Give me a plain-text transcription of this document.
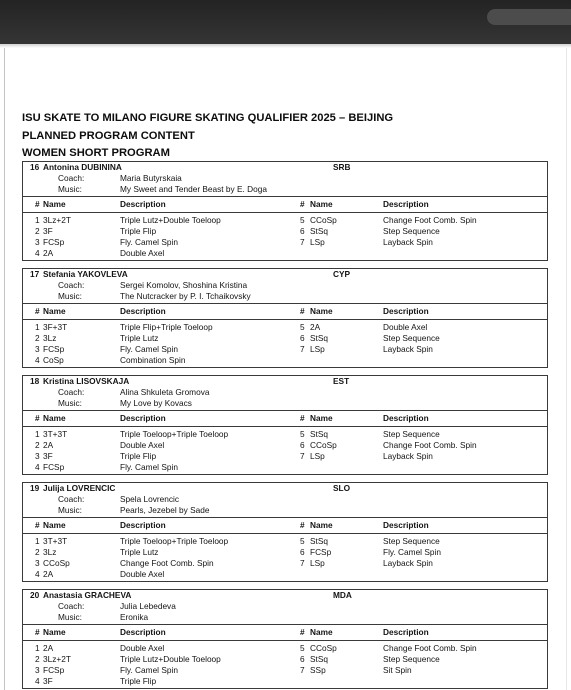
ISU SKATE TO MILANO FIGURE SKATING QUALIFIER 2025 – BEIJING
PLANNED PROGRAM CONTENT
WOMEN SHORT PROGRAM
16 Antonina DUBININA	SRB
Coach:	Maria Butyrskaia
Music:	My Sweet and Tender Beast by E. Doga
# Name	Description	# Name	Description
1 3Lz+2T	Triple Lutz+Double Toeloop	5 CCoSp	Change Foot Comb. Spin
2 3F	Triple Flip	6 StSq	Step Sequence
3 FCSp	Fly. Camel Spin	7 LSp	Layback Spin
4 2A	Double Axel
17 Stefania YAKOVLEVA	CYP
Coach:	Sergei Komolov, Shoshina Kristina
Music:	The Nutcracker by P. I. Tchaikovsky
# Name	Description	# Name	Description
1 3F+3T	Triple Flip+Triple Toeloop	5 2A	Double Axel
2 3Lz	Triple Lutz	6 StSq	Step Sequence
3 FCSp	Fly. Camel Spin	7 LSp	Layback Spin
4 CoSp	Combination Spin
18 Kristina LISOVSKAJA	EST
Coach:	Alina Shkuleta Gromova
Music:	My Love by Kovacs
# Name	Description	# Name	Description
1 3T+3T	Triple Toeloop+Triple Toeloop	5 StSq	Step Sequence
2 2A	Double Axel	6 CCoSp	Change Foot Comb. Spin
3 3F	Triple Flip	7 LSp	Layback Spin
4 FCSp	Fly. Camel Spin
19 Julija LOVRENCIC	SLO
Coach:	Spela Lovrencic
Music:	Pearls, Jezebel by Sade
# Name	Description	# Name	Description
1 3T+3T	Triple Toeloop+Triple Toeloop	5 StSq	Step Sequence
2 3Lz	Triple Lutz	6 FCSp	Fly. Camel Spin
3 CCoSp	Change Foot Comb. Spin	7 LSp	Layback Spin
4 2A	Double Axel
20 Anastasia GRACHEVA	MDA
Coach:	Julia Lebedeva
Music:	Eronika
# Name	Description	# Name	Description
1 2A	Double Axel	5 CCoSp	Change Foot Comb. Spin
2 3Lz+2T	Triple Lutz+Double Toeloop	6 StSq	Step Sequence
3 FCSp	Fly. Camel Spin	7 SSp	Sit Spin
4 3F	Triple Flip
